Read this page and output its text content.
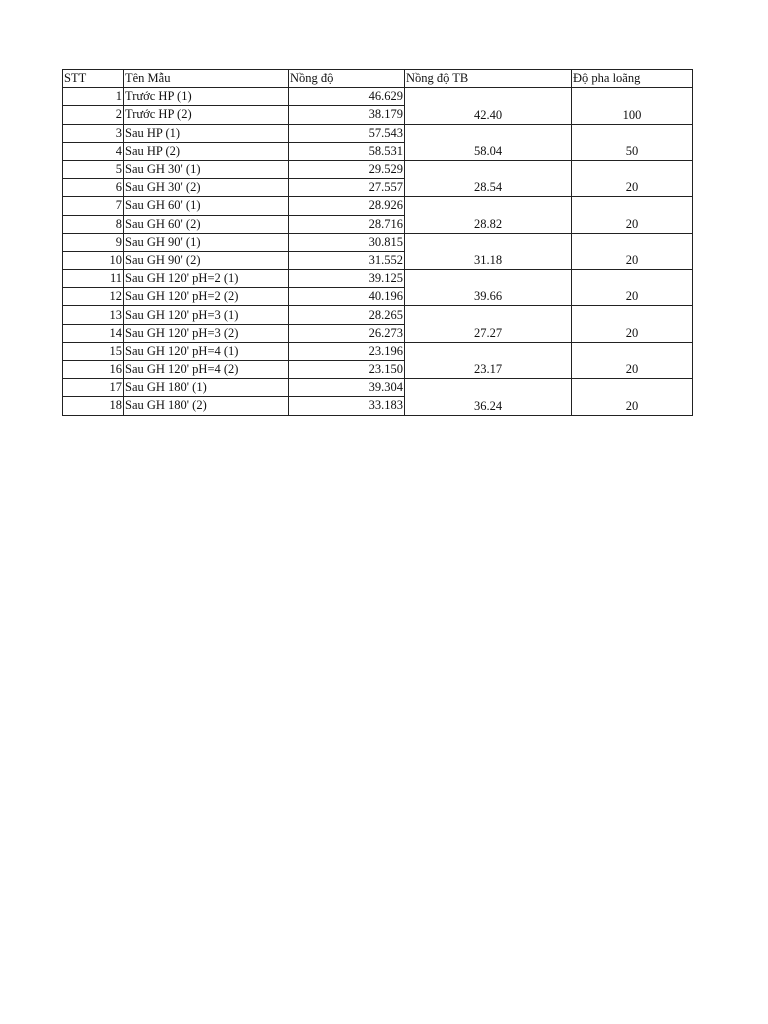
STT	Tên Mẫu	Nồng độ	Nồng độ TB	Độ pha loãng
1	Trước HP (1)	46.629	42.40	100
2	Trước HP (2)	38.179		
3	Sau HP (1)	57.543	58.04	50
4	Sau HP (2)	58.531		
5	Sau GH 30' (1)	29.529	28.54	20
6	Sau GH 30' (2)	27.557		
7	Sau GH 60' (1)	28.926	28.82	20
8	Sau GH 60' (2)	28.716		
9	Sau GH 90' (1)	30.815	31.18	20
10	Sau GH 90' (2)	31.552		
11	Sau GH 120' pH=2 (1)	39.125	39.66	20
12	Sau GH 120' pH=2 (2)	40.196		
13	Sau GH 120' pH=3 (1)	28.265	27.27	20
14	Sau GH 120' pH=3 (2)	26.273		
15	Sau GH 120' pH=4 (1)	23.196	23.17	20
16	Sau GH 120' pH=4 (2)	23.150		
17	Sau GH 180' (1)	39.304	36.24	20
18	Sau GH 180' (2)	33.183		
